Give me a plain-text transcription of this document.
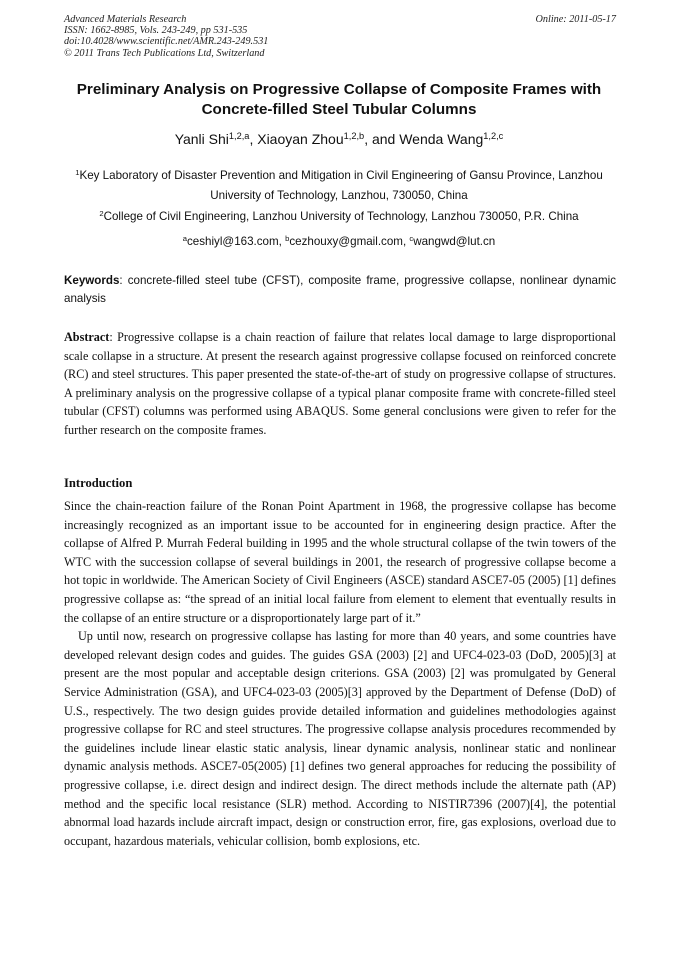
Advanced Materials Research
ISSN: 1662-8985, Vols. 243-249, pp 531-535
doi:10.4028/www.scientific.net/AMR.243-249.531
© 2011 Trans Tech Publications Ltd, Switzerland
Online: 2011-05-17
Preliminary Analysis on Progressive Collapse of Composite Frames with Concrete-filled Steel Tubular Columns
Yanli Shi$^{1,2,a}$, Xiaoyan Zhou$^{1,2,b}$, and Wenda Wang$^{1,2,c}$
$^1$Key Laboratory of Disaster Prevention and Mitigation in Civil Engineering of Gansu Province, Lanzhou University of Technology, Lanzhou, 730050, China
$^2$College of Civil Engineering, Lanzhou University of Technology, Lanzhou 730050, P.R. China
$^a$ceshiyl@163.com, $^b$cezhouxy@gmail.com, $^c$wangwd@lut.cn
Keywords: concrete-filled steel tube (CFST), composite frame, progressive collapse, nonlinear dynamic analysis
Abstract: Progressive collapse is a chain reaction of failure that relates local damage to large disproportional scale collapse in a structure. At present the research against progressive collapse focused on reinforced concrete (RC) and steel structures. This paper presented the state-of-the-art of study on progressive collapse of structures. A preliminary analysis on the progressive collapse of a typical planar composite frame with concrete-filled steel tubular (CFST) columns was performed using ABAQUS. Some general conclusions were given to refer for the further research on the composite frames.
Introduction

Since the chain-reaction failure of the Ronan Point Apartment in 1968, the progressive collapse has become increasingly recognized as an important issue to be accounted for in engineering design practice. After the collapse of Alfred P. Murrah Federal building in 1995 and the whole structural collapse of the twin towers of the WTC with the succession collapse of several buildings in 2001, the research of progressive collapse become a hot topic in worldwide. The American Society of Civil Engineers (ASCE) standard ASCE7-05 (2005) [1] defines progressive collapse as: “the spread of an initial local failure from element to element that eventually results in the collapse of an entire structure or a disproportionately large part of it.”

Up until now, research on progressive collapse has lasting for more than 40 years, and some countries have developed relevant design codes and guides. The guides GSA (2003) [2] and UFC4-023-03 (DoD, 2005)[3] at present are the most popular and acceptable design criterions. GSA (2003) [2] was promulgated by General Service Administration (GSA), and UFC4-023-03 (2005)[3] approved by the Department of Defense (DoD) of U.S., respectively. The two design guides provide detailed information and guidelines methodologies against progressive collapse for RC and steel structures. The progressive collapse analysis procedures recommended by the guidelines include linear elastic static analysis, linear dynamic analysis, nonlinear static and nonlinear dynamic analysis methods. ASCE7-05(2005) [1] defines two general approaches for reducing the possibility of progressive collapse, i.e. direct design and indirect design. The direct methods include the alternate path (AP) method and the specific local resistance (SLR) method. According to NISTIR7396 (2007)[4], the potential abnormal load hazards include aircraft impact, design or construction error, fire, gas explosions, overload due to occupant, hazardous materials, vehicular collision, bomb explosions, etc.
